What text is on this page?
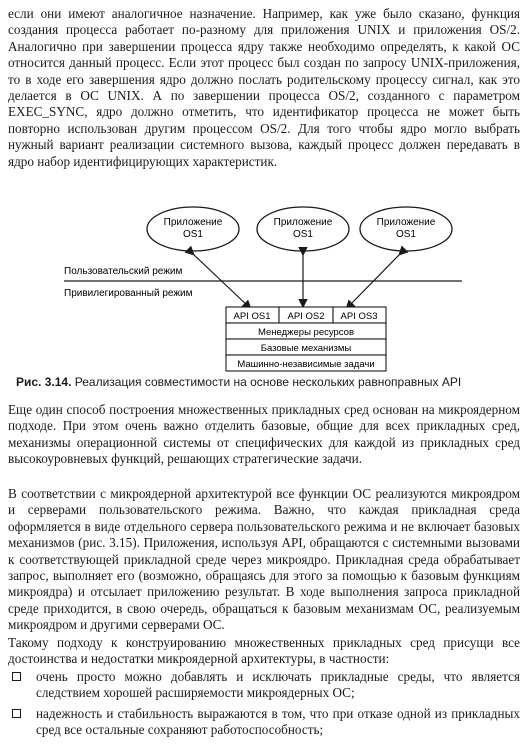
если они имеют аналогичное назначение. Например, как уже было сказано, функция создания процесса работает по-разному для приложения UNIX и приложения OS/2. Аналогично при завершении процесса ядру также необходимо определять, к какой ОС относится данный процесс. Если этот процесс был создан по запросу UNIX-приложения, то в ходе его завершения ядро должно послать родительскому процессу сигнал, как это делается в ОС UNIX. А по завершении процесса OS/2, созданного с параметром EXEC_SYNC, ядро должно отметить, что идентификатор процесса не может быть повторно использован другим процессом OS/2. Для того чтобы ядро могло выбрать нужный вариант реализации системного вызова, каждый процесс должен передавать в ядро набор идентифицирующих характеристик.

Приложение
OS1
Приложение
OS1
Приложение
OS1
Пользовательский режим
Привилегированный режим
API OS1 API OS2 API OS3
Менеджеры ресурсов
Базовые механизмы
Машинно-независимые задачи
Рис. 3.14. Реализация совместимости на основе нескольких равноправных API

Еще один способ построения множественных прикладных сред основан на микроядерном подходе. При этом очень важно отделить базовые, общие для всех прикладных сред, механизмы операционной системы от специфических для каждой из прикладных сред высокоуровневых функций, решающих стратегические задачи.

В соответствии с микроядерной архитектурой все функции ОС реализуются микроядром и серверами пользовательского режима. Важно, что каждая прикладная среда оформляется в виде отдельного сервера пользовательского режима и не включает базовых механизмов (рис. 3.15). Приложения, используя API, обращаются с системными вызовами к соответствующей прикладной среде через микроядро. Прикладная среда обрабатывает запрос, выполняет его (возможно, обращаясь для этого за помощью к базовым функциям микроядра) и отсылает приложению результат. В ходе выполнения запроса прикладной среде приходится, в свою очередь, обращаться к базовым механизмам ОС, реализуемым микроядром и другими серверами ОС.

Такому подходу к конструированию множественных прикладных сред присущи все достоинства и недостатки микроядерной архитектуры, в частности:

очень просто можно добавлять и исключать прикладные среды, что является следствием хорошей расширяемости микроядерных ОС;
надежность и стабильность выражаются в том, что при отказе одной из прикладных сред все остальные сохраняют работоспособность;
